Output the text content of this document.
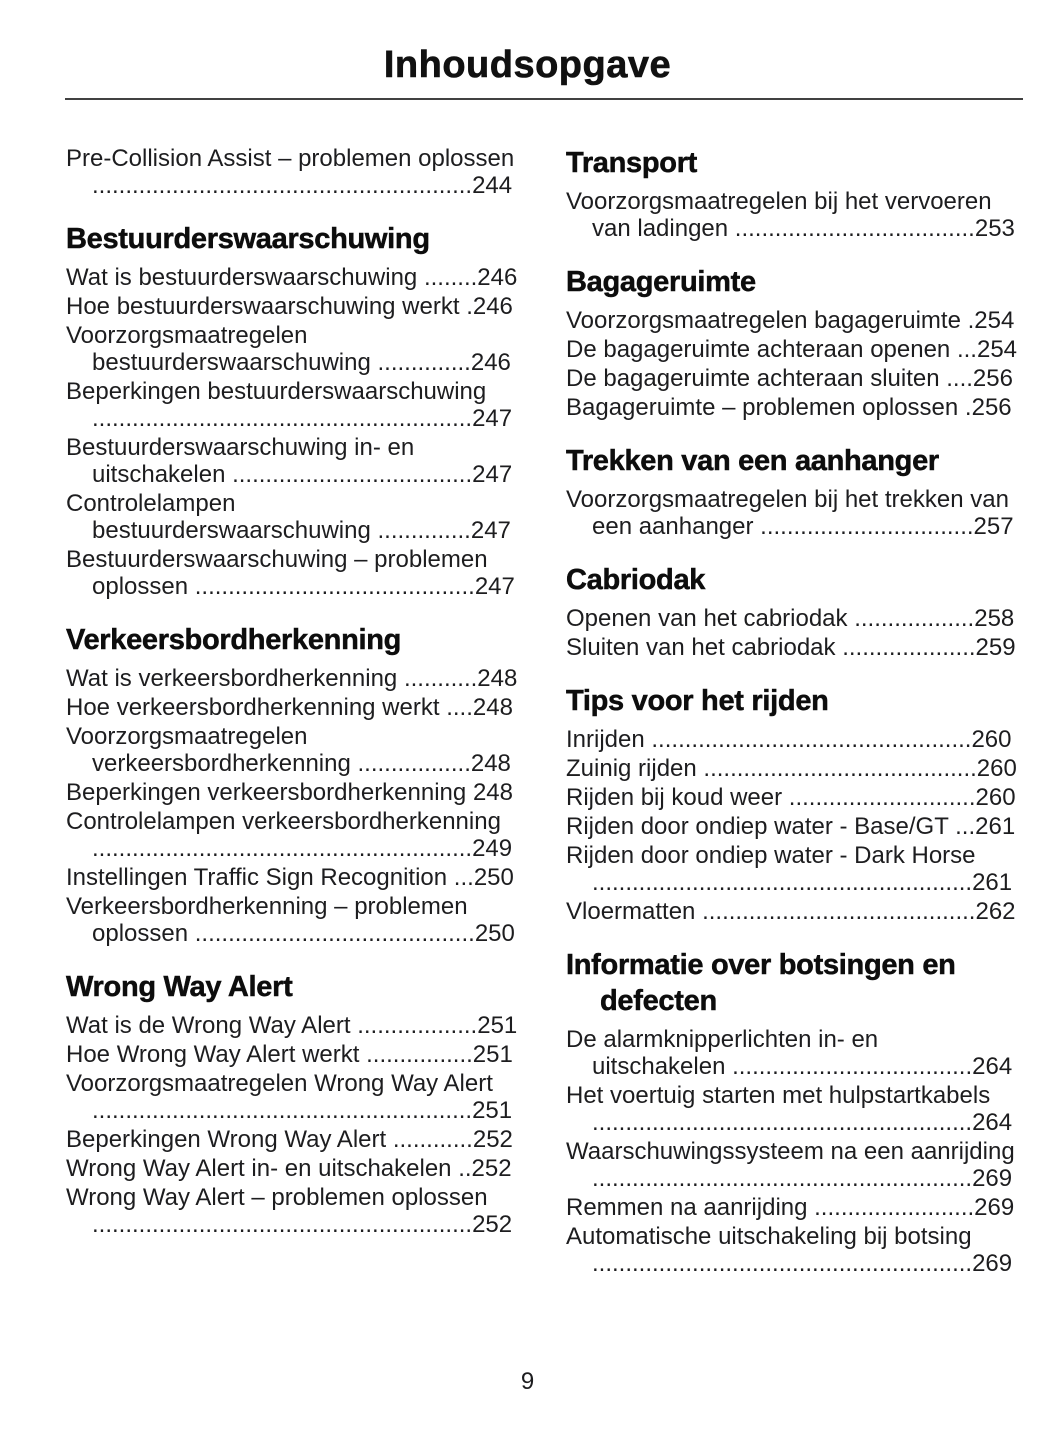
Inhoudsopgave
Pre-Collision Assist – problemen oplossen .........................................................244
Bestuurderswaarschuwing
Wat is bestuurderswaarschuwing ........246
Hoe bestuurderswaarschuwing werkt .246
Voorzorgsmaatregelen bestuurderswaarschuwing ..............246
Beperkingen bestuurderswaarschuwing .........................................................247
Bestuurderswaarschuwing in- en uitschakelen ....................................247
Controlelampen bestuurderswaarschuwing ..............247
Bestuurderswaarschuwing – problemen oplossen ..........................................247
Verkeersbordherkenning
Wat is verkeersbordherkenning ...........248
Hoe verkeersbordherkenning werkt ....248
Voorzorgsmaatregelen verkeersbordherkenning .................248
Beperkingen verkeersbordherkenning 248
Controlelampen verkeersbordherkenning .........................................................249
Instellingen Traffic Sign Recognition ...250
Verkeersbordherkenning – problemen oplossen ..........................................250
Wrong Way Alert
Wat is de Wrong Way Alert ..................251
Hoe Wrong Way Alert werkt ................251
Voorzorgsmaatregelen Wrong Way Alert .........................................................251
Beperkingen Wrong Way Alert ............252
Wrong Way Alert in- en uitschakelen ..252
Wrong Way Alert – problemen oplossen .........................................................252
Transport
Voorzorgsmaatregelen bij het vervoeren van ladingen ....................................253
Bagageruimte
Voorzorgsmaatregelen bagageruimte .254
De bagageruimte achteraan openen ...254
De bagageruimte achteraan sluiten ....256
Bagageruimte – problemen oplossen .256
Trekken van een aanhanger
Voorzorgsmaatregelen bij het trekken van een aanhanger ................................257
Cabriodak
Openen van het cabriodak ..................258
Sluiten van het cabriodak ....................259
Tips voor het rijden
Inrijden ................................................260
Zuinig rijden .........................................260
Rijden bij koud weer ............................260
Rijden door ondiep water - Base/GT ...261
Rijden door ondiep water - Dark Horse .........................................................261
Vloermatten .........................................262
Informatie over botsingen en defecten
De alarmknipperlichten in- en uitschakelen ....................................264
Het voertuig starten met hulpstartkabels .........................................................264
Waarschuwingssysteem na een aanrijding .........................................................269
Remmen na aanrijding ........................269
Automatische uitschakeling bij botsing .........................................................269
9
